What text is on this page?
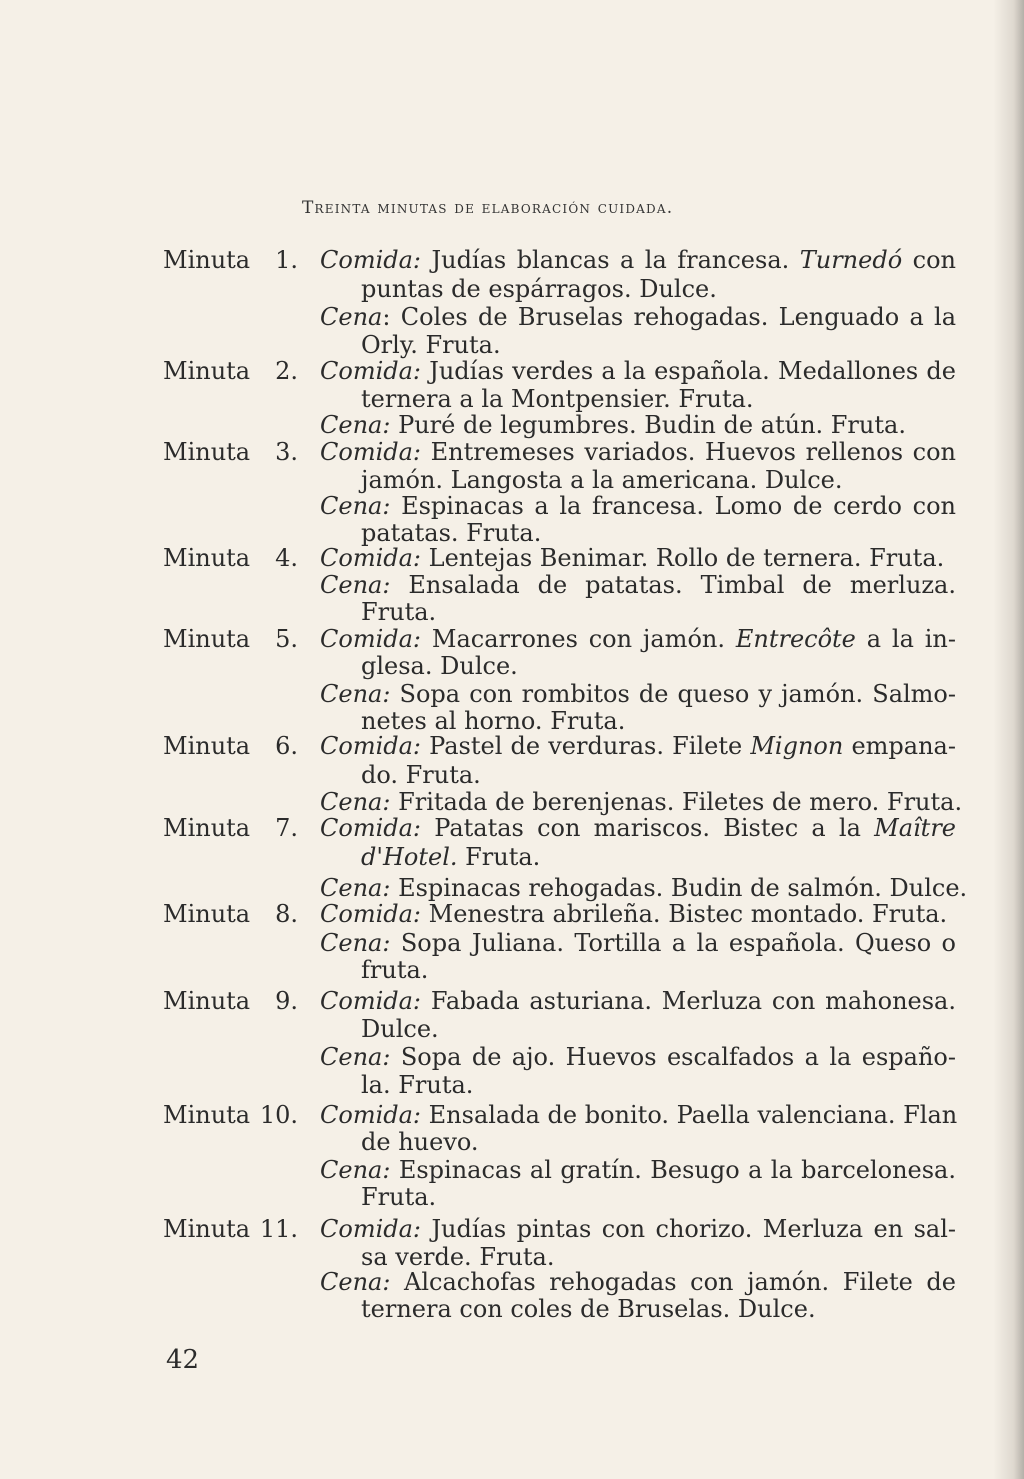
Treinta minutas de elaboración cuidada.
Minuta	1. Comida: Judías blancas a la francesa. Turnedó con
puntas de espárragos. Dulce.
Cena: Coles de Bruselas rehogadas. Lenguado a la
Orly. Fruta.
Minuta	2. Comida: Judías verdes a la española. Medallones de
ternera a la Montpensier. Fruta.
Cena: Puré de legumbres. Budin de atún. Fruta.
Minuta	3. Comida: Entremeses variados. Huevos rellenos con
jamón. Langosta a la americana. Dulce.
Cena: Espinacas a la francesa. Lomo de cerdo con
patatas. Fruta.
Minuta	4. Comida: Lentejas Benimar. Rollo de ternera. Fruta.
Cena: Ensalada de patatas. Timbal de merluza.
Fruta.
Minuta	5. Comida: Macarrones con jamón. Entrecôte a la in-
glesa. Dulce.
Cena: Sopa con rombitos de queso y jamón. Salmo-
netes al horno. Fruta.
Minuta	6. Comida: Pastel de verduras. Filete Mignon empana-
do. Fruta.
Cena: Fritada de berenjenas. Filetes de mero. Fruta.
Minuta	7. Comida: Patatas con mariscos. Bistec a la Maître
d'Hotel. Fruta.
Cena: Espinacas rehogadas. Budin de salmón. Dulce.
Minuta	8. Comida: Menestra abrileña. Bistec montado. Fruta.
Cena: Sopa Juliana. Tortilla a la española. Queso o
fruta.
Minuta	9. Comida: Fabada asturiana. Merluza con mahonesa.
Dulce.
Cena: Sopa de ajo. Huevos escalfados a la españo-
la. Fruta.
Minuta 10. Comida: Ensalada de bonito. Paella valenciana. Flan
de huevo.
Cena: Espinacas al gratín. Besugo a la barcelonesa.
Fruta.
Minuta 11. Comida: Judías pintas con chorizo. Merluza en sal-
sa verde. Fruta.
Cena: Alcachofas rehogadas con jamón. Filete de
ternera con coles de Bruselas. Dulce.
42
